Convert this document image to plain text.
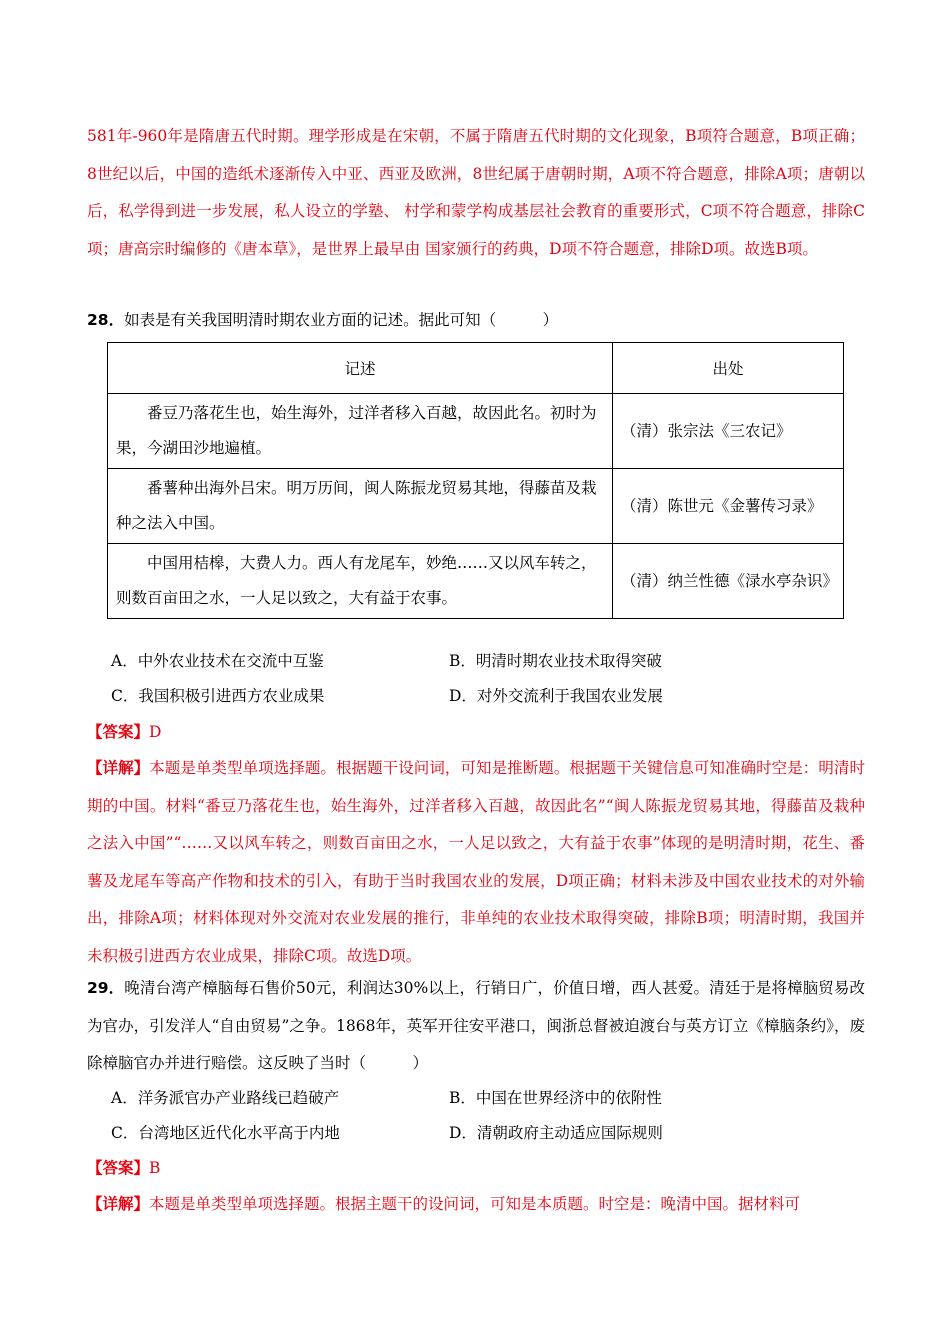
581年-960年是隋唐五代时期。理学形成是在宋朝，不属于隋唐五代时期的文化现象，B项符合题意，B项正确；8世纪以后，中国的造纸术逐渐传入中亚、西亚及欧洲，8世纪属于唐朝时期，A项不符合题意，排除A项；唐朝以后，私学得到进一步发展，私人设立的学塾、 村学和蒙学构成基层社会教育的重要形式，C项不符合题意，排除C项；唐高宗时编修的《唐本草》，是世界上最早由 国家颁行的药典，D项不符合题意，排除D项。故选B项。
28．如表是有关我国明清时期农业方面的记述。据此可知（　　　）
记述	出处
番豆乃落花生也，始生海外，过洋者移入百越，故因此名。初时为果，今湖田沙地遍植。	（清）张宗法《三农记》
番薯种出海外吕宋。明万历间，闽人陈振龙贸易其地，得藤苗及栽种之法入中国。	（清）陈世元《金薯传习录》
中国用桔槔，大费人力。西人有龙尾车，妙绝……又以风车转之，则数百亩田之水，一人足以致之，大有益于农事。	（清）纳兰性德《渌水亭杂识》
A．中外农业技术在交流中互鉴	B．明清时期农业技术取得突破
C．我国积极引进西方农业成果	D．对外交流利于我国农业发展
【答案】D
【详解】本题是单类型单项选择题。根据题干设问词，可知是推断题。根据题干关键信息可知准确时空是：明清时期的中国。材料“番豆乃落花生也，始生海外，过洋者移入百越，故因此名”“闽人陈振龙贸易其地，得藤苗及栽种之法入中国”“……又以风车转之，则数百亩田之水，一人足以致之，大有益于农事”体现的是明清时期，花生、番薯及龙尾车等高产作物和技术的引入，有助于当时我国农业的发展，D项正确；材料未涉及中国农业技术的对外输出，排除A项；材料体现对外交流对农业发展的推行，非单纯的农业技术取得突破，排除B项；明清时期，我国并未积极引进西方农业成果，排除C项。故选D项。
29．晚清台湾产樟脑每石售价50元，利润达30%以上，行销日广，价值日增，西人甚爱。清廷于是将樟脑贸易改为官办，引发洋人“自由贸易”之争。1868年，英军开往安平港口，闽浙总督被迫渡台与英方订立《樟脑条约》，废除樟脑官办并进行赔偿。这反映了当时（　　　）
A．洋务派官办产业路线已趋破产	B．中国在世界经济中的依附性
C．台湾地区近代化水平高于内地	D．清朝政府主动适应国际规则
【答案】B
【详解】本题是单类型单项选择题。根据主题干的设问词，可知是本质题。时空是：晚清中国。据材料可
